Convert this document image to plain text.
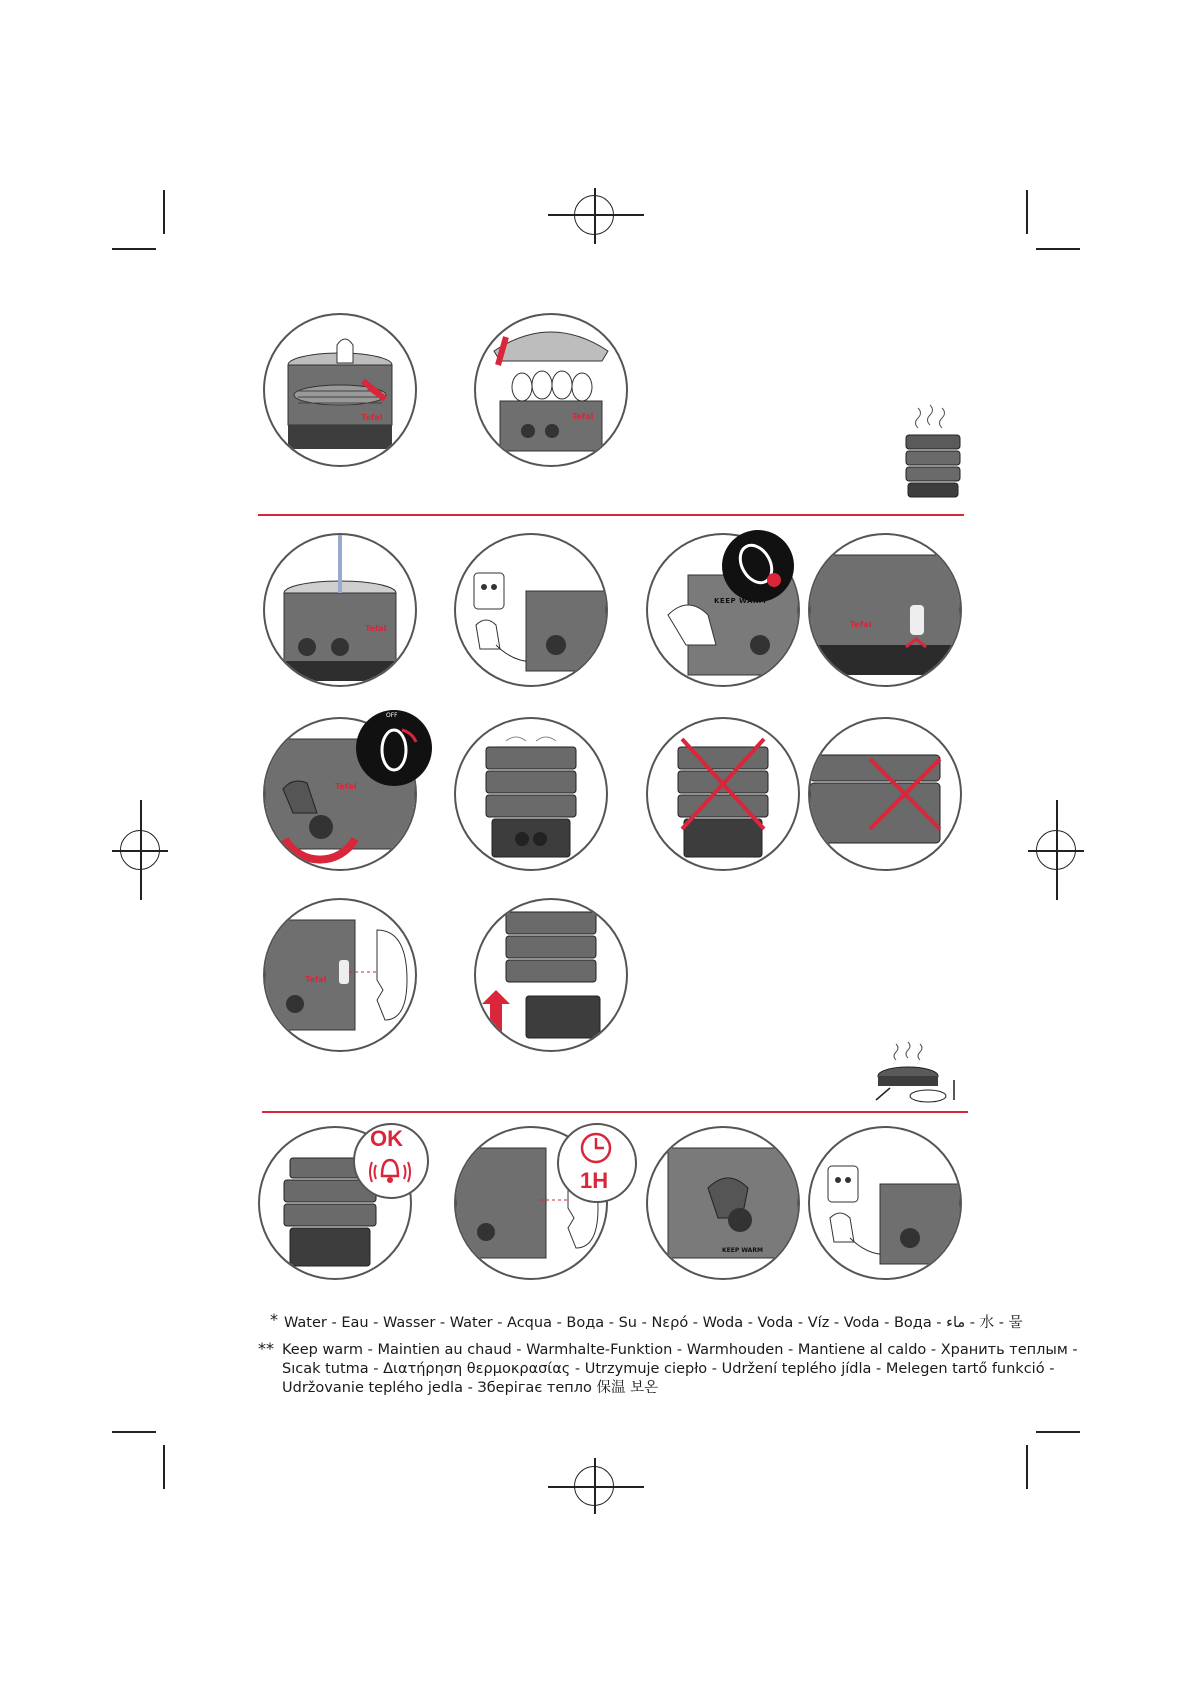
Tefal	Tefal
Tefal
KEEP WARM
Tefal
Tefal
OFF
Tefal
OK
1H
KEEP WARM
* Water - Eau - Wasser - Water - Acqua - Вода - Su - Νερό - Woda - Voda - Víz - Voda - Вода - ماء - 水 - 물
** Keep warm - Maintien au chaud - Warmhalte-Funktion - Warmhouden - Mantiene al caldo - Хранить теплым -
Sıcak tutma - Διατήρηση θερμοκρασίας - Utrzymuje ciepło - Udržení teplého jídla - Melegen tartő funkció -
Udržovanie teplého jedla - Зберігає тепло 保温 보온
